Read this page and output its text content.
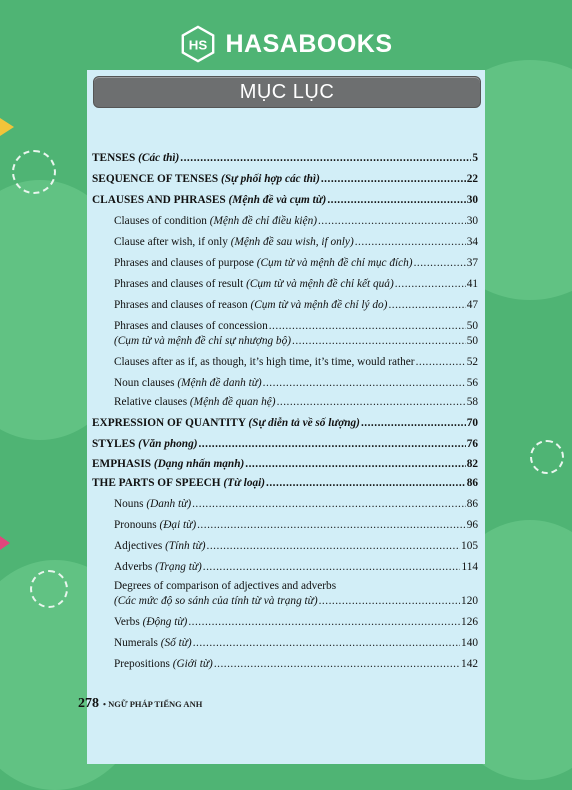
HS HASABOOKS
MỤC LỤC
TENSES (Các thì) .....	5
SEQUENCE OF TENSES (Sự phối hợp các thì) .....	22
CLAUSES AND PHRASES (Mệnh đề và cụm từ) .....	30
Clauses of condition (Mệnh đề chỉ điều kiện) .....	30
Clause after wish, if only (Mệnh đề sau wish, if only) .....	34
Phrases and clauses of purpose (Cụm từ và mệnh đề chỉ mục đích) .....	37
Phrases and clauses of result (Cụm từ và mệnh đề chỉ kết quả) .....	41
Phrases and clauses of reason (Cụm từ và mệnh đề chỉ lý do) .....	47
Phrases and clauses of concession .....	50
(Cụm từ và mệnh đề chỉ sự nhượng bộ) .....	50
Clauses after as if, as though, it’s high time, it’s time, would rather .....	52
Noun clauses (Mệnh đề danh từ) .....	56
Relative clauses (Mệnh đề quan hệ) .....	58
EXPRESSION OF QUANTITY (Sự diễn tả về số lượng) .....	70
STYLES (Văn phong) .....	76
EMPHASIS (Dạng nhấn mạnh) .....	82
THE PARTS OF SPEECH (Từ loại) .....	86
Nouns (Danh từ) .....	86
Pronouns (Đại từ) .....	96
Adjectives (Tính từ) .....	105
Adverbs (Trạng từ) .....	114
Degrees of comparison of adjectives and adverbs
(Các mức độ so sánh của tính từ và trạng từ) .....	120
Verbs (Động từ) .....	126
Numerals (Số từ) .....	140
Prepositions (Giới từ) .....	142
278 • NGỮ PHÁP TIẾNG ANH
